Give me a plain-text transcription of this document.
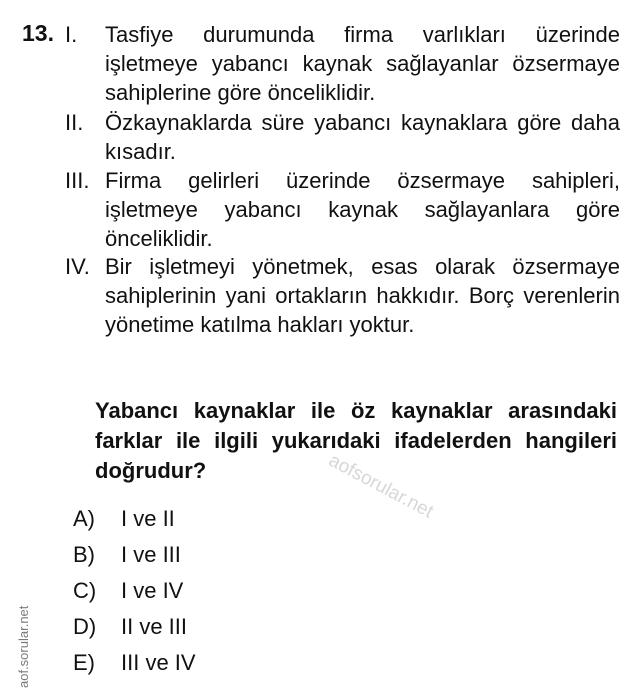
13. I.	Tasfiye durumunda firma varlıkları üzerinde işletmeye yabancı kaynak sağlayanlar özsermaye sahiplerine göre önceliklidir.
II. Özkaynaklarda süre yabancı kaynaklara göre daha kısadır.
III. Firma gelirleri üzerinde özsermaye sahipleri, işletmeye yabancı kaynak sağlayanlara göre önceliklidir.
IV. Bir işletmeyi yönetmek, esas olarak özsermaye sahiplerinin yani ortakların hakkıdır. Borç verenlerin yönetime katılma hakları yoktur.
Yabancı kaynaklar ile öz kaynaklar arasındaki farklar ile ilgili yukarıdaki ifadelerden hangileri doğrudur?	aofsorular.net
A)	I ve II
B)	I ve III
C)	I ve IV
D)	II ve III
E)	III ve IV
aof.sorular.net
